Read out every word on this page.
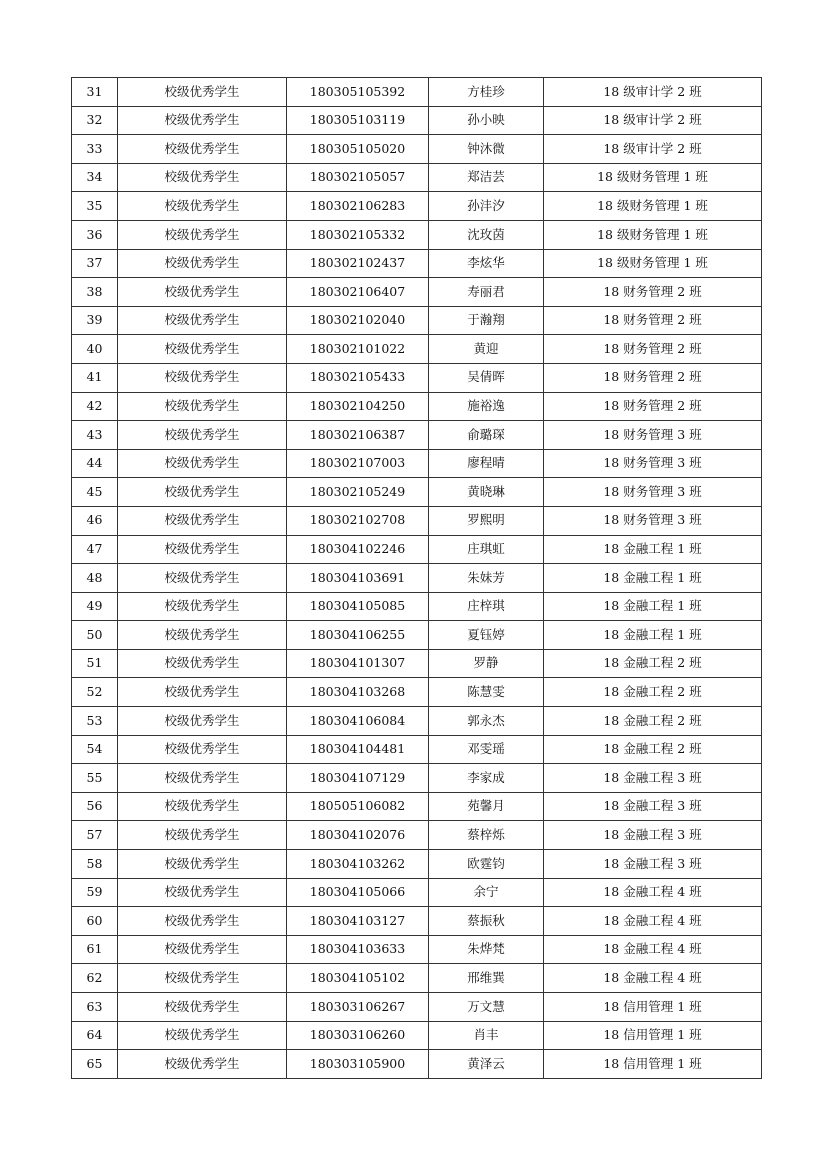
31	校级优秀学生	180305105392	方桂珍	18 级审计学 2 班
32	校级优秀学生	180305103119	孙小映	18 级审计学 2 班
33	校级优秀学生	180305105020	钟沐微	18 级审计学 2 班
34	校级优秀学生	180302105057	郑洁芸	18 级财务管理 1 班
35	校级优秀学生	180302106283	孙沣汐	18 级财务管理 1 班
36	校级优秀学生	180302105332	沈玫茵	18 级财务管理 1 班
37	校级优秀学生	180302102437	李炫华	18 级财务管理 1 班
38	校级优秀学生	180302106407	寿丽君	18 财务管理 2 班
39	校级优秀学生	180302102040	于瀚翔	18 财务管理 2 班
40	校级优秀学生	180302101022	黄迎	18 财务管理 2 班
41	校级优秀学生	180302105433	吴倩晖	18 财务管理 2 班
42	校级优秀学生	180302104250	施裕逸	18 财务管理 2 班
43	校级优秀学生	180302106387	俞璐琛	18 财务管理 3 班
44	校级优秀学生	180302107003	廖程晴	18 财务管理 3 班
45	校级优秀学生	180302105249	黄晓琳	18 财务管理 3 班
46	校级优秀学生	180302102708	罗熙明	18 财务管理 3 班
47	校级优秀学生	180304102246	庄琪虹	18 金融工程 1 班
48	校级优秀学生	180304103691	朱妹芳	18 金融工程 1 班
49	校级优秀学生	180304105085	庄梓琪	18 金融工程 1 班
50	校级优秀学生	180304106255	夏钰婷	18 金融工程 1 班
51	校级优秀学生	180304101307	罗静	18 金融工程 2 班
52	校级优秀学生	180304103268	陈慧雯	18 金融工程 2 班
53	校级优秀学生	180304106084	郭永杰	18 金融工程 2 班
54	校级优秀学生	180304104481	邓雯瑶	18 金融工程 2 班
55	校级优秀学生	180304107129	李家成	18 金融工程 3 班
56	校级优秀学生	180505106082	苑馨月	18 金融工程 3 班
57	校级优秀学生	180304102076	蔡梓烁	18 金融工程 3 班
58	校级优秀学生	180304103262	欧霆钧	18 金融工程 3 班
59	校级优秀学生	180304105066	余宁	18 金融工程 4 班
60	校级优秀学生	180304103127	蔡振秋	18 金融工程 4 班
61	校级优秀学生	180304103633	朱烨梵	18 金融工程 4 班
62	校级优秀学生	180304105102	邢维巽	18 金融工程 4 班
63	校级优秀学生	180303106267	万文慧	18 信用管理 1 班
64	校级优秀学生	180303106260	肖丰	18 信用管理 1 班
65	校级优秀学生	180303105900	黄泽云	18 信用管理 1 班
